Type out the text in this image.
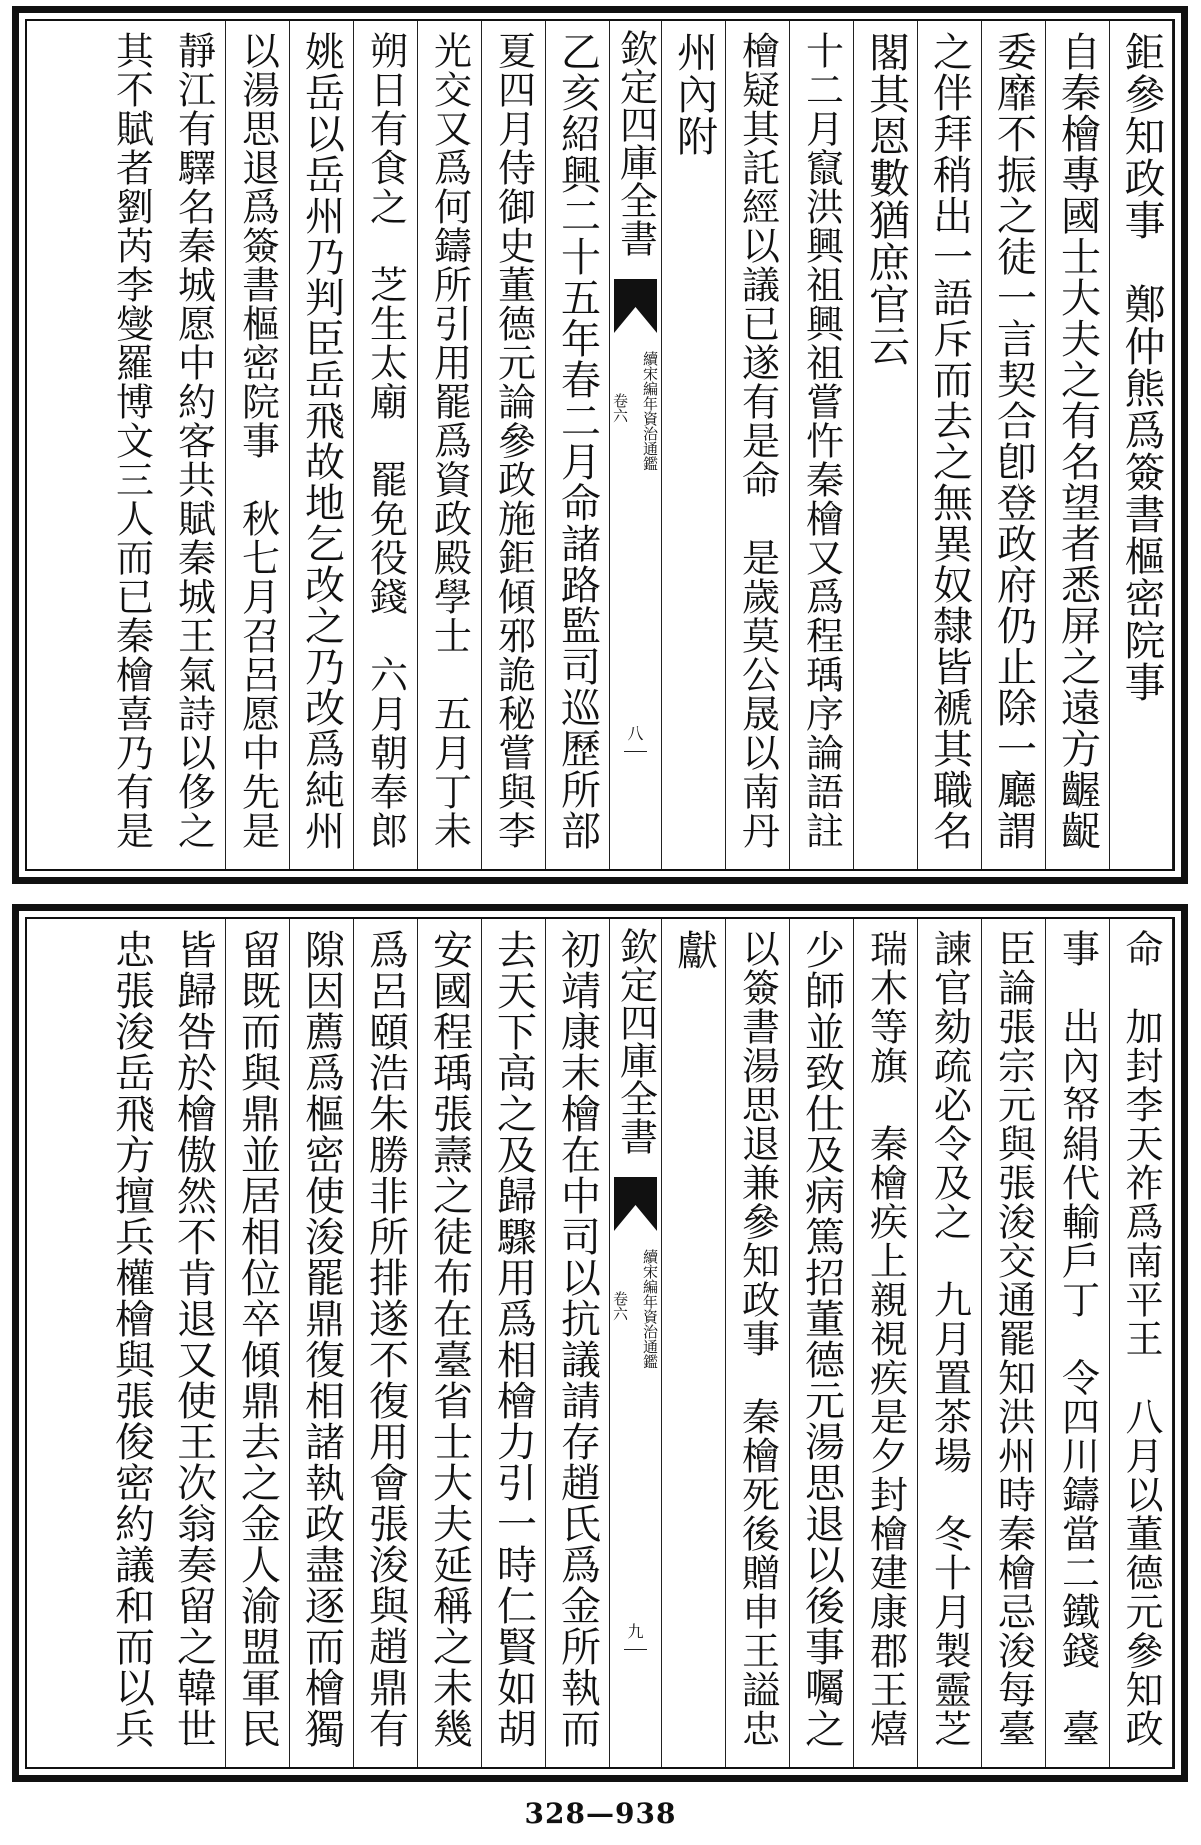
鉅參知政事　鄭仲熊爲簽書樞密院事
自秦檜專國士大夫之有名望者悉屏之遠方齷齪
委靡不振之徒一言契合卽登政府仍止除一廳謂
之伴拜稍出一語斥而去之無異奴隸皆褫其職名
閣其恩數猶庶官云
十二月竄洪興祖興祖嘗忤秦檜又爲程瑀序論語註
檜疑其託經以議已遂有是命　是歲莫公晟以南丹
州內附
欽定四庫全書
續宋編年資治通鑑
卷六
八
乙亥紹興二十五年春二月命諸路監司巡歷所部
夏四月侍御史董德元論參政施鉅傾邪詭秘嘗與李
光交又爲何鑄所引用罷爲資政殿學士　五月丁未
朔日有食之　芝生太廟　罷免役錢　六月朝奉郎
姚岳以岳州乃判臣岳飛故地乞改之乃改爲純州
以湯思退爲簽書樞密院事　秋七月召呂愿中先是
靜江有驛名秦城愿中約客共賦秦城王氣詩以侈之
其不賦者劉芮李燮羅博文三人而已秦檜喜乃有是
命　加封李天祚爲南平王　八月以董德元參知政
事　出內帑絹代輸戶丁　令四川鑄當二鐵錢　臺
臣論張宗元與張浚交通罷知洪州時秦檜忌浚每臺
諫官劾疏必令及之　九月置茶場　冬十月製靈芝
瑞木等旗　秦檜疾上親視疾是夕封檜建康郡王熺
少師並致仕及病篤招董德元湯思退以後事囑之
以簽書湯思退兼參知政事　秦檜死後贈申王謚忠
獻
欽定四庫全書
續宋編年資治通鑑
卷六
九
初靖康末檜在中司以抗議請存趙氏爲金所執而
去天下高之及歸驟用爲相檜力引一時仁賢如胡
安國程瑀張燾之徒布在臺省士大夫延稱之未幾
爲呂頤浩朱勝非所排遂不復用會張浚與趙鼎有
隙因薦爲樞密使浚罷鼎復相諸執政盡逐而檜獨
留既而與鼎並居相位卒傾鼎去之金人渝盟軍民
皆歸咎於檜傲然不肯退又使王次翁奏留之韓世
忠張浚岳飛方擅兵權檜與張俊密約議和而以兵
328—938
